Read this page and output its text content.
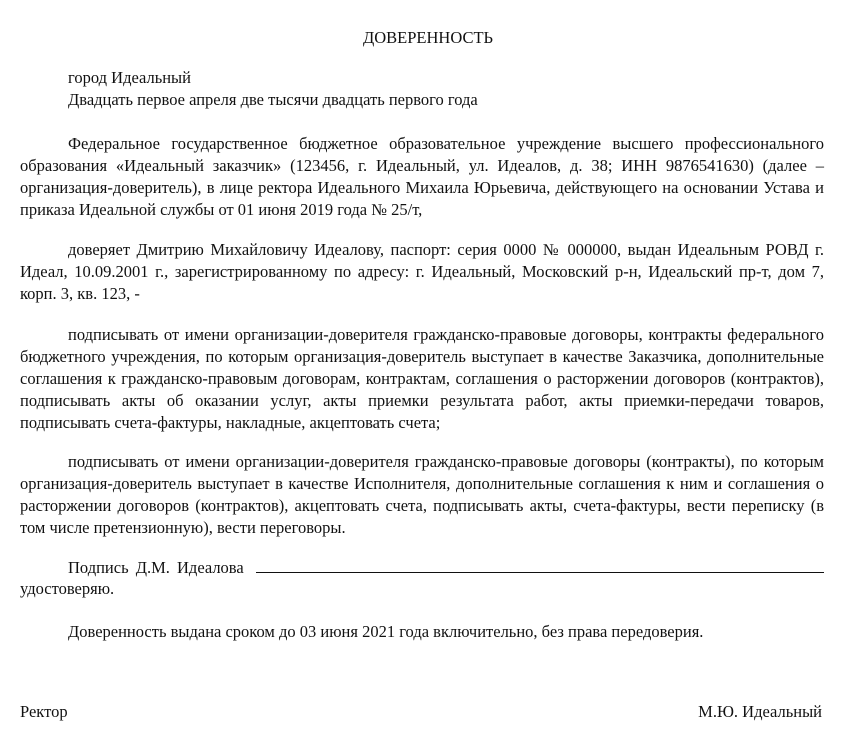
ДОВЕРЕННОСТЬ
город Идеальный
Двадцать первое апреля две тысячи двадцать первого года
Федеральное государственное бюджетное образовательное учреждение высшего профессионального образования «Идеальный заказчик» (123456, г. Идеальный, ул. Идеалов, д. 38; ИНН 9876541630) (далее – организация-доверитель), в лице ректора Идеального Михаила Юрьевича, действующего на основании Устава и приказа Идеальной службы от 01 июня 2019 года № 25/т,
доверяет Дмитрию Михайловичу Идеалову, паспорт: серия 0000 № 000000, выдан Идеальным РОВД г. Идеал, 10.09.2001 г., зарегистрированному по адресу: г. Идеальный, Московский р-н, Идеальский пр-т, дом 7, корп. 3, кв. 123, -
подписывать от имени организации-доверителя гражданско-правовые договоры, контракты федерального бюджетного учреждения, по которым организация-доверитель выступает в качестве Заказчика, дополнительные соглашения к гражданско-правовым договорам, контрактам, соглашения о расторжении договоров (контрактов), подписывать акты об оказании услуг, акты приемки результата работ, акты приемки-передачи товаров, подписывать счета-фактуры, накладные, акцептовать счета;
подписывать от имени организации-доверителя гражданско-правовые договоры (контракты), по которым организация-доверитель выступает в качестве Исполнителя, дополнительные соглашения к ним и соглашения о расторжении договоров (контрактов), акцептовать счета, подписывать акты, счета-фактуры, вести переписку (в том числе претензионную), вести переговоры.
Подпись Д.М. Идеалова
удостоверяю.
Доверенность выдана сроком до 03 июня 2021 года включительно, без права передоверия.
Ректор	М.Ю. Идеальный
